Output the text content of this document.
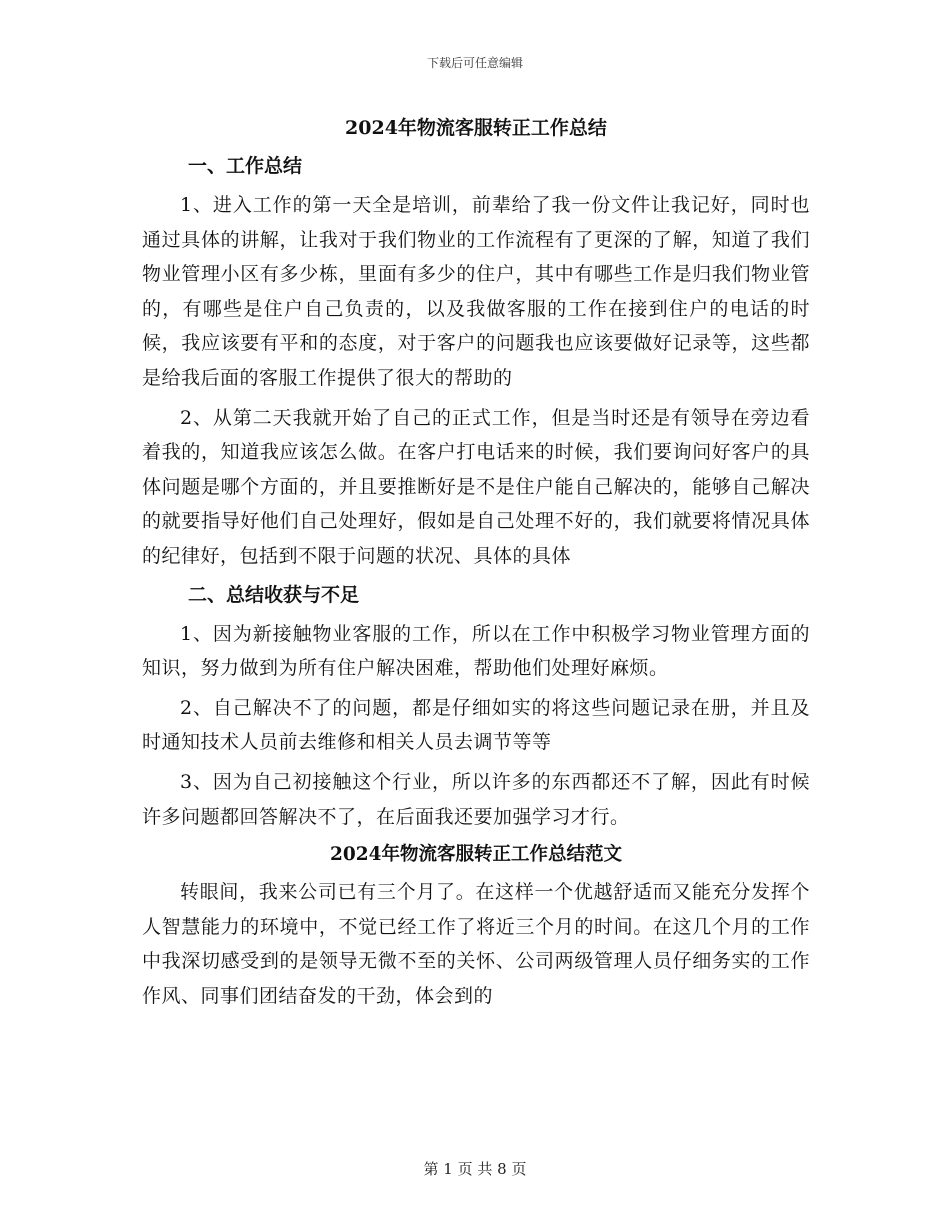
下载后可任意编辑
2024年物流客服转正工作总结
一、工作总结

1、进入工作的第一天全是培训，前辈给了我一份文件让我记好，同时也通过具体的讲解，让我对于我们物业的工作流程有了更深的了解，知道了我们物业管理小区有多少栋，里面有多少的住户，其中有哪些工作是归我们物业管的，有哪些是住户自己负责的，以及我做客服的工作在接到住户的电话的时候，我应该要有平和的态度，对于客户的问题我也应该要做好记录等，这些都是给我后面的客服工作提供了很大的帮助的

2、从第二天我就开始了自己的正式工作，但是当时还是有领导在旁边看着我的，知道我应该怎么做。在客户打电话来的时候，我们要询问好客户的具体问题是哪个方面的，并且要推断好是不是住户能自己解决的，能够自己解决的就要指导好他们自己处理好，假如是自己处理不好的，我们就要将情况具体的纪律好，包括到不限于问题的状况、具体的具体

二、总结收获与不足

1、因为新接触物业客服的工作，所以在工作中积极学习物业管理方面的知识，努力做到为所有住户解决困难，帮助他们处理好麻烦。

2、自己解决不了的问题，都是仔细如实的将这些问题记录在册，并且及时通知技术人员前去维修和相关人员去调节等等

3、因为自己初接触这个行业，所以许多的东西都还不了解，因此有时候许多问题都回答解决不了，在后面我还要加强学习才行。

2024年物流客服转正工作总结范文

转眼间，我来公司已有三个月了。在这样一个优越舒适而又能充分发挥个人智慧能力的环境中，不觉已经工作了将近三个月的时间。在这几个月的工作中我深切感受到的是领导无微不至的关怀、公司两级管理人员仔细务实的工作作风、同事们团结奋发的干劲，体会到的

第 1 页 共 8 页
